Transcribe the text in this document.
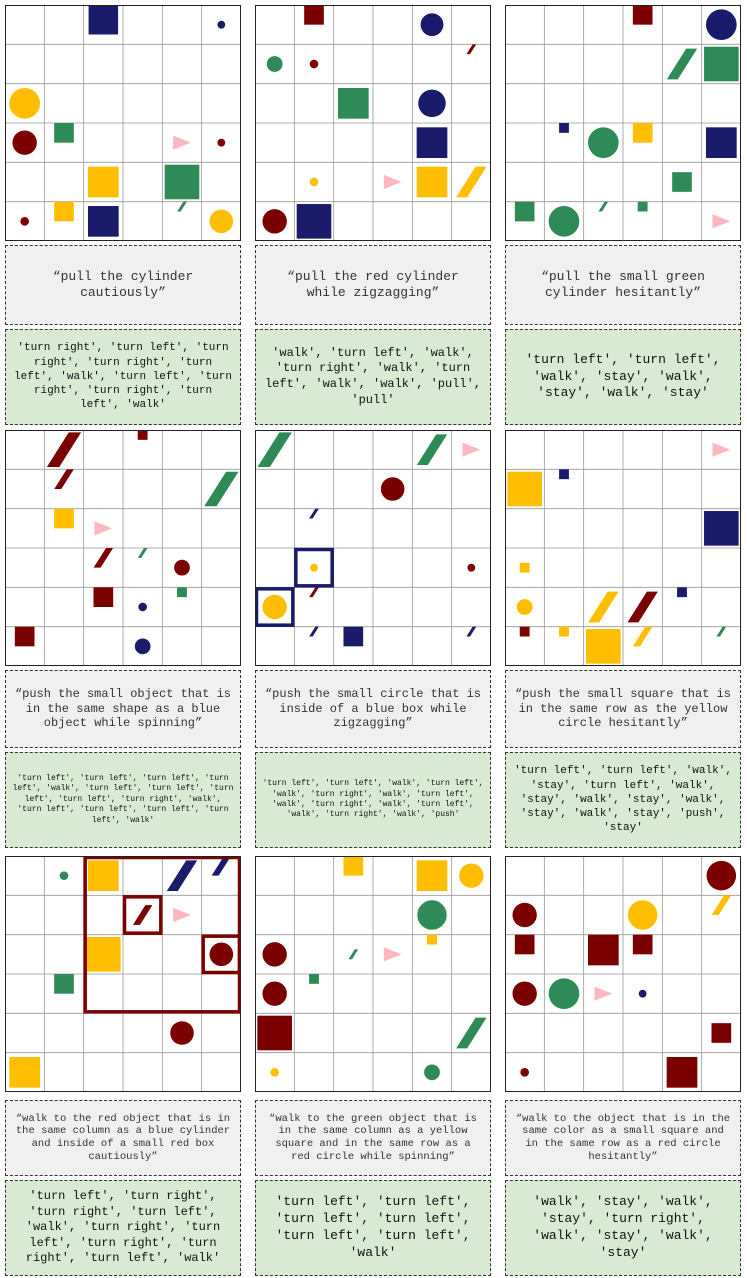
“pull the cylinder cautiously”
'turn right', 'turn left', 'turn right', 'turn right', 'turn left', 'walk', 'turn left', 'turn right', 'turn right', 'turn left', 'walk'
“pull the red cylinder while zigzagging”
'walk', 'turn left', 'walk', 'turn right', 'walk', 'turn left', 'walk', 'walk', 'pull', 'pull'
“pull the small green cylinder hesitantly”
'turn left', 'turn left', 'walk', 'stay', 'walk', 'stay', 'walk', 'stay'
“push the small object that is in the same shape as a blue object while spinning”
'turn left', 'turn left', 'turn left', 'turn left', 'walk', 'turn left', 'turn left', 'turn left', 'turn left', 'turn right', 'walk', 'turn left', 'turn left', 'turn left', 'turn left', 'walk'
“push the small circle that is inside of a blue box while zigzagging”
'turn left', 'turn left', 'walk', 'turn left', 'walk', 'turn right', 'walk', 'turn left', 'walk', 'turn right', 'walk', 'turn left', 'walk', 'turn right', 'walk', 'push'
“push the small square that is in the same row as the yellow circle hesitantly”
'turn left', 'turn left', 'walk', 'stay', 'turn left', 'walk', 'stay', 'walk', 'stay', 'walk', 'stay', 'walk', 'stay', 'push', 'stay'
“walk to the red object that is in the same column as a blue cylinder and inside of a small red box cautiously”
'turn left', 'turn right', 'turn right', 'turn left', 'walk', 'turn right', 'turn left', 'turn right', 'turn right', 'turn left', 'walk'
“walk to the green object that is in the same column as a yellow square and in the same row as a red circle while spinning”
'turn left', 'turn left', 'turn left', 'turn left', 'turn left', 'turn left', 'walk'
“walk to the object that is in the same color as a small square and in the same row as a red circle hesitantly”
'walk', 'stay', 'walk', 'stay', 'turn right', 'walk', 'stay', 'walk', 'stay'
